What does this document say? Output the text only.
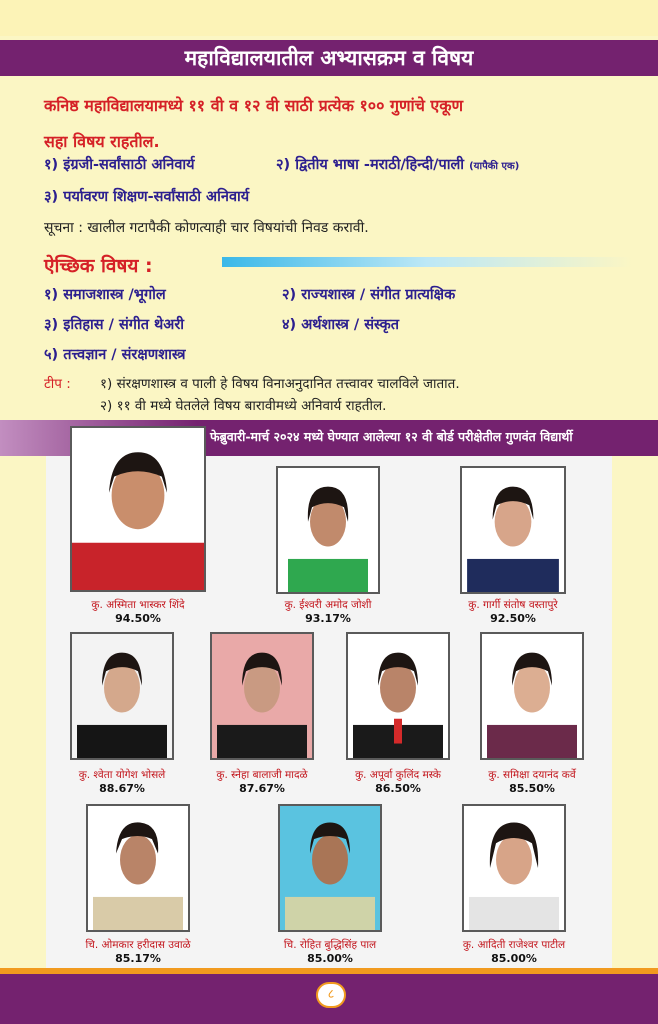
महाविद्यालयातील अभ्यासक्रम व विषय
कनिष्ठ महाविद्यालयामध्ये ११ वी व १२ वी साठी प्रत्येक १०० गुणांचे एकूण
सहा विषय राहतील.
१) इंग्रजी-सर्वांसाठी अनिवार्य	२) द्वितीय भाषा -मराठी/हिन्दी/पाली (यापैकी एक)
३) पर्यावरण शिक्षण-सर्वांसाठी अनिवार्य
सूचना : खालील गटापैकी कोणत्याही चार विषयांची निवड करावी.
ऐच्छिक विषय :
१) समाजशास्त्र /भूगोल	२) राज्यशास्त्र / संगीत प्रात्यक्षिक
३) इतिहास / संगीत थेअरी	४) अर्थशास्त्र / संस्कृत
५) तत्त्वज्ञान / संरक्षणशास्त्र
टीप : १) संरक्षणशास्त्र व पाली हे विषय विनाअनुदानित तत्त्वावर चालविले जातात.
२) ११ वी मध्ये घेतलेले विषय बारावीमध्ये अनिवार्य राहतील.
फेब्रुवारी-मार्च २०२४ मध्ये घेण्यात आलेल्या १२ वी बोर्ड परीक्षेतील गुणवंत विद्यार्थी
कु. अस्मिता भास्कर शिंदे
94.50%
कु. ईश्वरी अमोद जोशी
93.17%
कु. गार्गी संतोष वस्तापुरे
92.50%
कु. श्वेता योगेश भोसले
88.67%
कु. स्नेहा बालाजी मादळे
87.67%
कु. अपूर्वा कुलिंद मस्के
86.50%
कु. समिक्षा दयानंद कर्वे
85.50%
चि. ओमकार हरीदास उवाळे
85.17%
चि. रोहित बुद्धिसिंह पाल
85.00%
कु. आदिती राजेश्वर पाटील
85.00%
८
